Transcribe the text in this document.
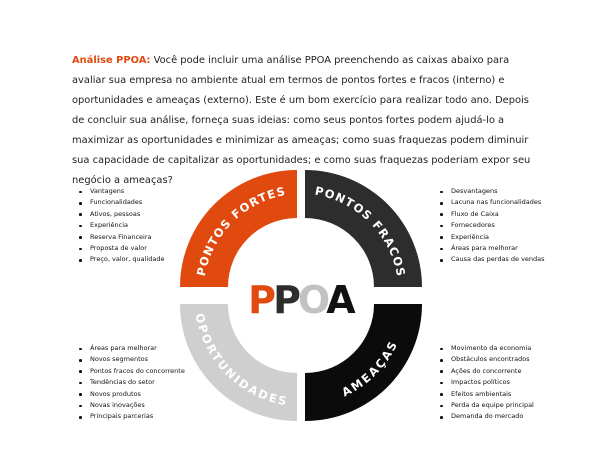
Análise PPOA: Você pode incluir uma análise PPOA preenchendo as caixas abaixo para avaliar sua empresa no ambiente atual em termos de pontos fortes e fracos (interno) e oportunidades e ameaças (externo). Este é um bom exercício para realizar todo ano. Depois de concluir sua análise, forneça suas ideias: como seus pontos fortes podem ajudá-lo a maximizar as oportunidades e minimizar as ameaças; como suas fraquezas podem diminuir sua capacidade de capitalizar as oportunidades; e como suas fraquezas poderiam expor seu negócio a ameaças?
Vantagens
Funcionalidades
Ativos, pessoas
Experiência
Reserva Financeira
Proposta de valor
Preço, valor, qualidade
Desvantagens
Lacuna nas funcionalidades
Fluxo de Caixa
Fornecedores
Experiência
Áreas para melhorar
Causa das perdas de vendas
Áreas para melhorar
Novos segmentos
Pontos fracos do concorrente
Tendências do setor
Novos produtos
Novas inovações
Principais parcerias
Movimento da economia
Obstáculos encontrados
Ações do concorrente
Impactos políticos
Efeitos ambientais
Perda da equipe principal
Demanda do mercado
PONTOS FORTES PONTOS FRACOS
OPORTUNIDADES
AMEAÇAS
P
P
O
A
